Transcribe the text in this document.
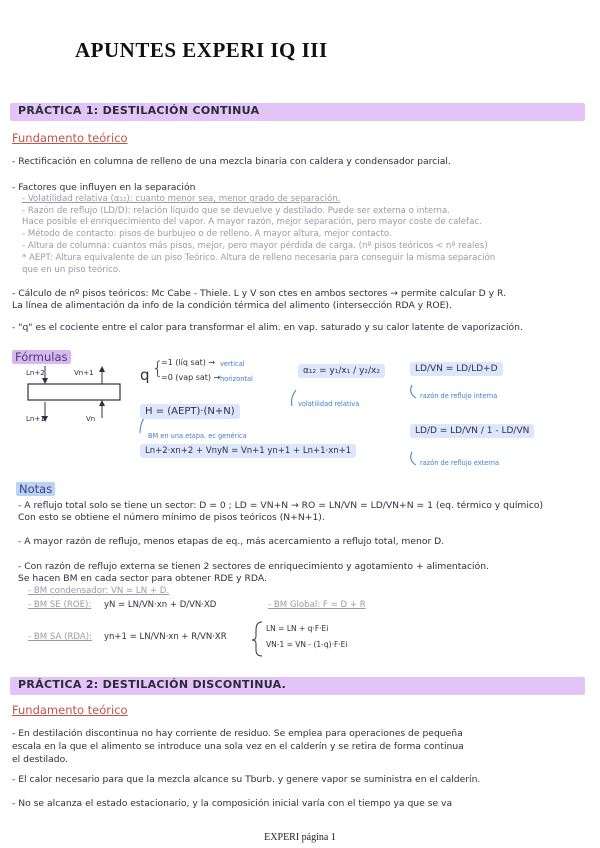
APUNTES EXPERI IQ III
PRÁCTICA 1: DESTILACIÓN CONTINUA
Fundamento teórico
- Rectificación en columna de relleno de una mezcla binaria con caldera y condensador parcial.
- Factores que influyen en la separación
- Volatilidad relativa (α₁₂): cuanto menor sea, menor grado de separación.
- Razón de reflujo (LD/D): relación líquido que se devuelve y destilado. Puede ser externa o interna.
Hace posible el enriquecimiento del vapor. A mayor razón, mejor separación, pero mayor coste de calefac.
- Método de contacto: pisos de burbujeo o de relleno. A mayor altura, mejor contacto.
- Altura de columna: cuantos más pisos, mejor, pero mayor pérdida de carga. (nº pisos teóricos < nº reales)
* AEPT: Altura equivalente de un piso Teórico. Altura de relleno necesaria para conseguir la misma separación
que en un piso teórico.
- Cálculo de nº pisos teóricos: Mc Cabe - Thiele. L y V son ctes en ambos sectores → permite calcular D y R.
La línea de alimentación da info de la condición térmica del alimento (intersección RDA y ROE).
- "q" es el cociente entre el calor para transformar el alim. en vap. saturado y su calor latente de vaporización.
Fórmulas
Ln+2	Vn+1
Ln+1	Vn
q {
=1 (líq sat) → vertical
=0 (vap sat) → horizontal
α₁₂ = y₁/x₁ / y₂/x₂
volatilidad relativa
LD/VN = LD/LD+D
razón de reflujo interna
H = (AEPT)·(N+N)
BM en una etapa. ec genérica
Ln+2·xn+2 + VnyN = Vn+1 yn+1 + Ln+1·xn+1
LD/D = LD/VN / 1 - LD/VN
razón de reflujo externa
Notas
- A reflujo total solo se tiene un sector: D = 0 ; LD = VN+N → RO = LN/VN = LD/VN+N = 1 (eq. térmico y químico)
Con esto se obtiene el número mínimo de pisos teóricos (N+N+1).
- A mayor razón de reflujo, menos etapas de eq., más acercamiento a reflujo total, menor D.
- Con razón de reflujo externa se tienen 2 sectores de enriquecimiento y agotamiento + alimentación.
Se hacen BM en cada sector para obtener RDE y RDA.
- BM condensador: VN = LN + D.
- BM SE (ROE): yN = LN/VN·xn + D/VN·XD	- BM Global: F = D + R
- BM SA (RDA): yn+1 = LN/VN·xn + R/VN·XR
LN = LN + q·F·Ei
VN-1 = VN - (1-q)·F·Ei
PRÁCTICA 2: DESTILACIÓN DISCONTINUA.
Fundamento teórico
- En destilación discontinua no hay corriente de residuo. Se emplea para operaciones de pequeña
escala en la que el alimento se introduce una sola vez en el calderín y se retira de forma continua
el destilado.
- El calor necesario para que la mezcla alcance su Tburb. y genere vapor se suministra en el calderín.
- No se alcanza el estado estacionario, y la composición inicial varía con el tiempo ya que se va
EXPERI página 1
